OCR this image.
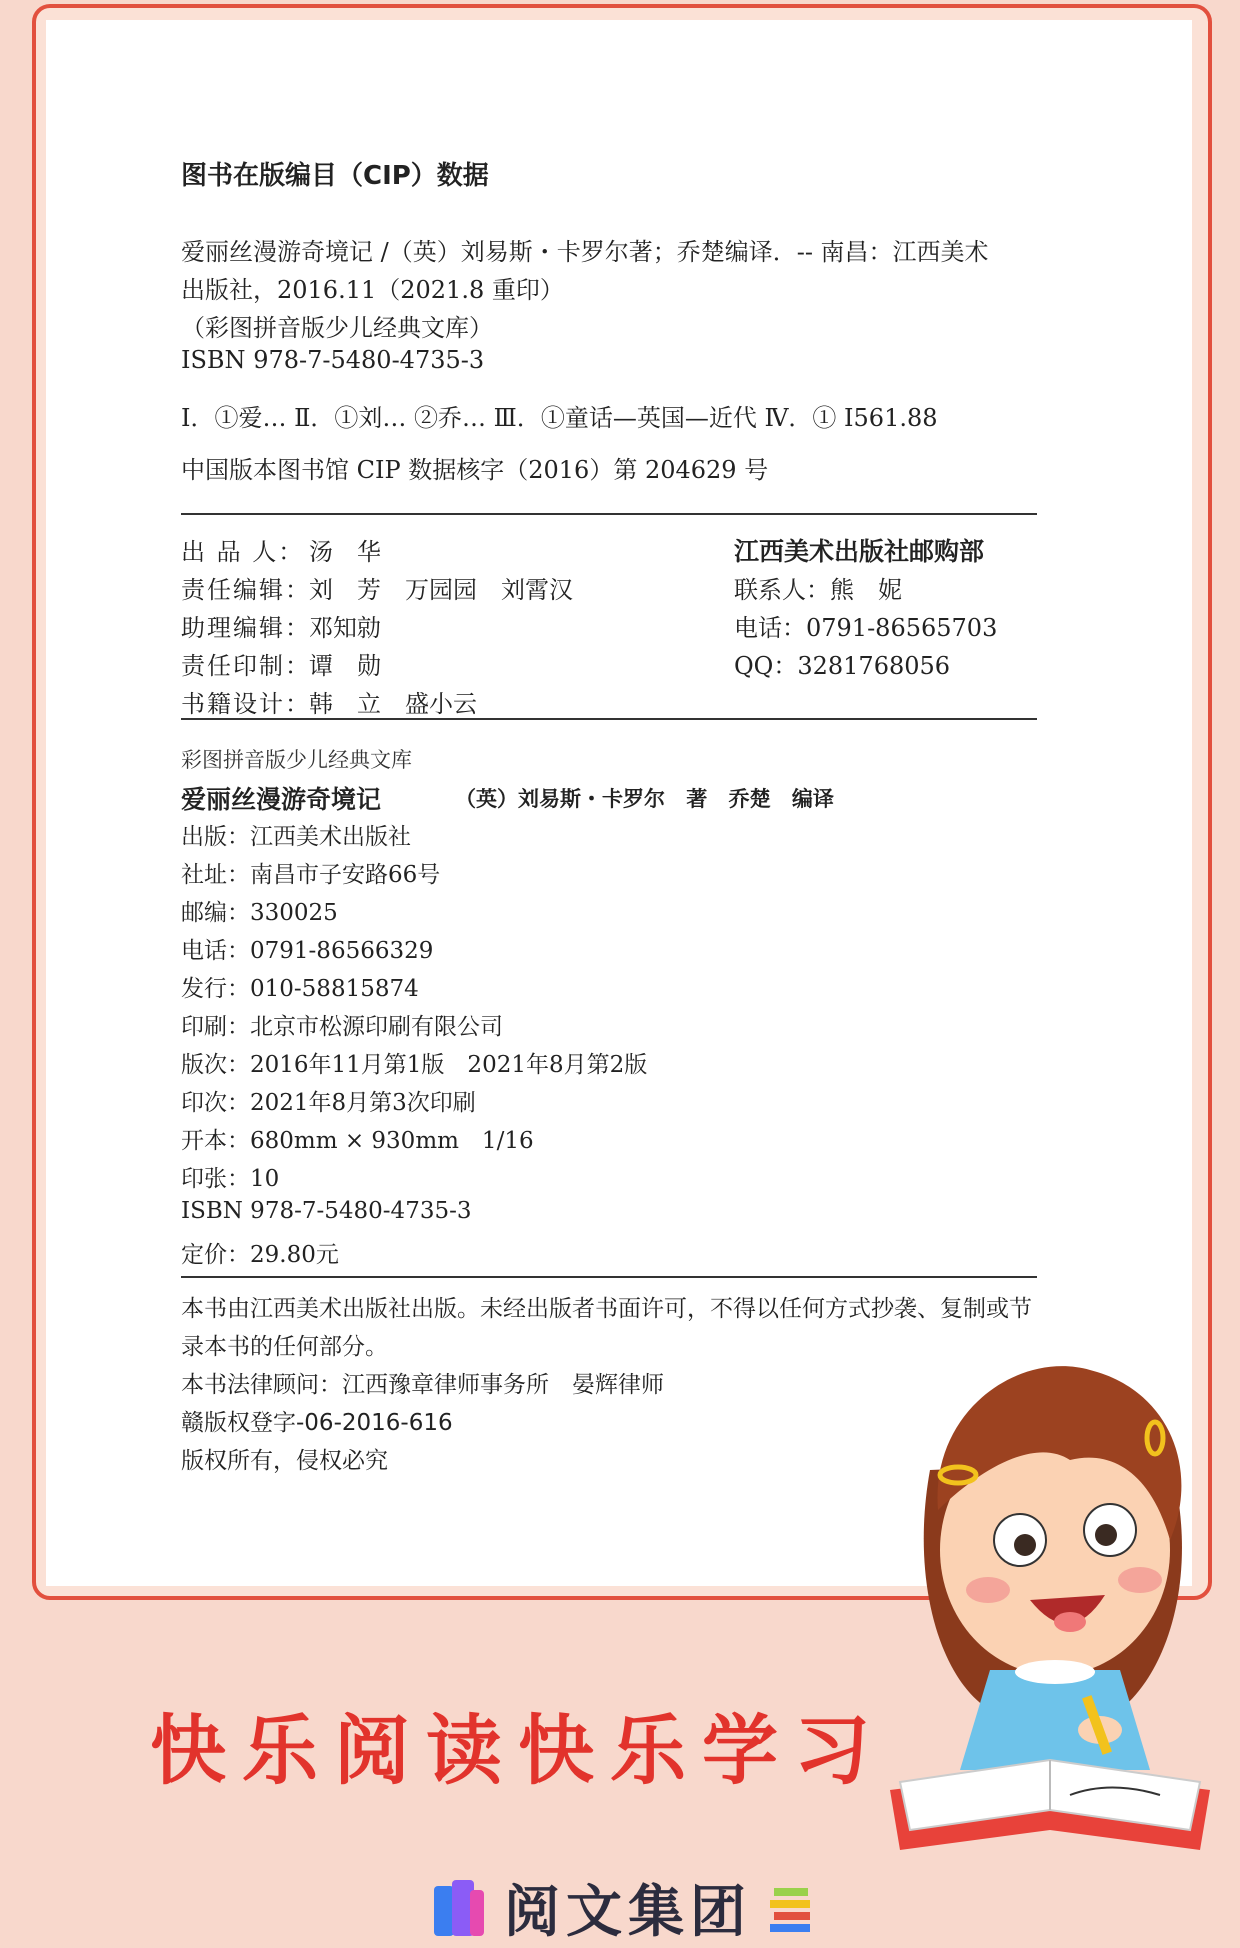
图书在版编目（CIP）数据
爱丽丝漫游奇境记 /（英）刘易斯・卡罗尔著；乔楚编译．-- 南昌：江西美术
出版社，2016.11（2021.8 重印）
（彩图拼音版少儿经典文库）
ISBN 978-7-5480-4735-3
Ⅰ．①爱… Ⅱ．①刘… ②乔… Ⅲ．①童话—英国—近代 Ⅳ．① I561.88
中国版本图书馆 CIP 数据核字（2016）第 204629 号
出 品 人： 汤　华
责任编辑：刘　芳　万园园　刘霄汉
助理编辑：邓知勍
责任印制：谭　勋
书籍设计：韩　立　盛小云
江西美术出版社邮购部
联系人：熊　妮
电话：0791-86565703
QQ：3281768056
彩图拼音版少儿经典文库
爱丽丝漫游奇境记	（英）刘易斯・卡罗尔 著 乔楚 编译
出版：江西美术出版社
社址：南昌市子安路66号
邮编：330025
电话：0791-86566329
发行：010-58815874
印刷：北京市松源印刷有限公司
版次：2016年11月第1版　2021年8月第2版
印次：2021年8月第3次印刷
开本：680mm × 930mm　1/16
印张：10
ISBN 978-7-5480-4735-3
定价：29.80元
本书由江西美术出版社出版。未经出版者书面许可，不得以任何方式抄袭、复制或节录本书的任何部分。
本书法律顾问：江西豫章律师事务所　晏辉律师
赣版权登字-06-2016-616
版权所有，侵权必究
快乐阅读快乐学习
阅文集团
